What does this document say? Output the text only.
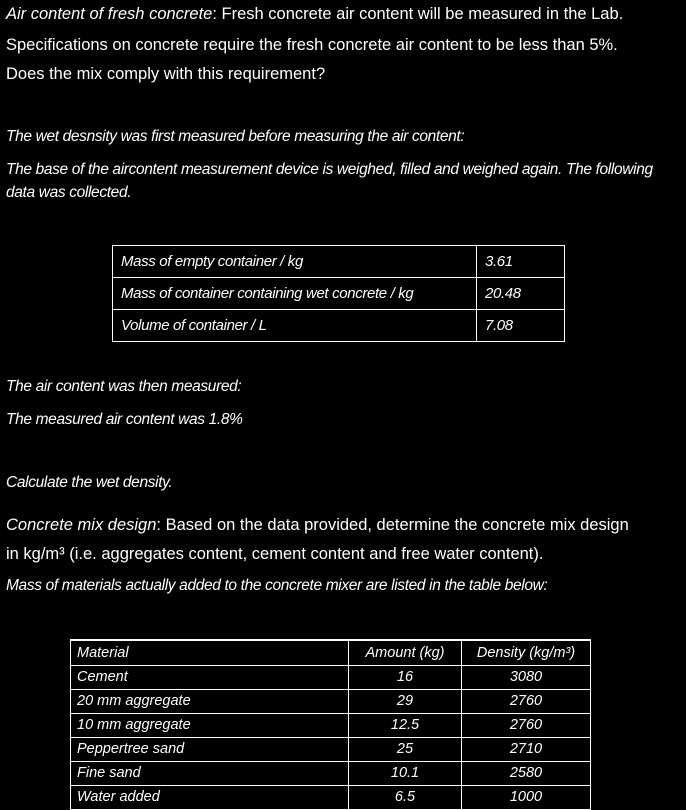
Air content of fresh concrete: Fresh concrete air content will be measured in the Lab.

Specifications on concrete require the fresh concrete air content to be less than 5%.

Does the mix comply with this requirement?

The wet desnsity was first measured before measuring the air content:

The base of the aircontent measurement device is weighed, filled and weighed again. The following data was collected.

Mass of empty container / kg	3.61
Mass of container containing wet concrete / kg	20.48
Volume of container / L	7.08

The air content was then measured:

The measured air content was 1.8%

Calculate the wet density.

Concrete mix design: Based on the data provided, determine the concrete mix design

in kg/m³ (i.e. aggregates content, cement content and free water content).

Mass of materials actually added to the concrete mixer are listed in the table below:

Material	Amount (kg)	Density (kg/m³)
Cement	16	3080
20 mm aggregate	29	2760
10 mm aggregate	12.5	2760
Peppertree sand	25	2710
Fine sand	10.1	2580
Water added	6.5	1000
